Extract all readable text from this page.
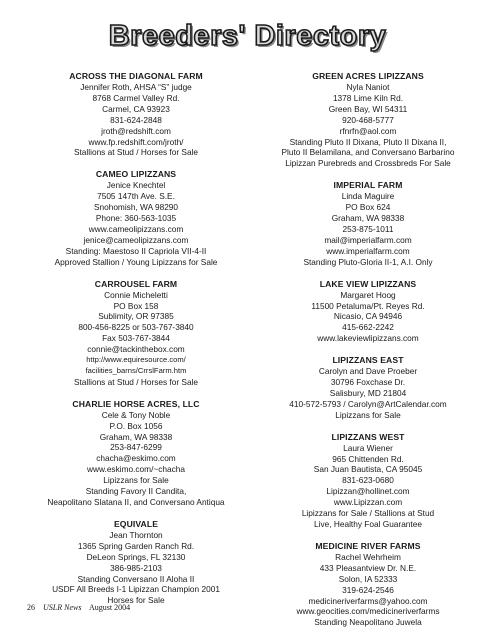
Breeders' Directory
ACROSS THE DIAGONAL FARM
Jennifer Roth, AHSA “S” judge
8768 Carmel Valley Rd.
Carmel, CA 93923
831-624-2848
jroth@redshift.com
www.fp.redshift.com/jroth/
Stallions at Stud / Horses for Sale
CAMEO LIPIZZANS
Jenice Knechtel
7505 147th Ave. S.E.
Snohomish, WA 98290
Phone: 360-563-1035
www.cameolipizzans.com
jenice@cameolipizzans.com
Standing: Maestoso II Capriola VII-4-II
Approved Stallion / Young Lipizzans for Sale
CARROUSEL FARM
Connie Micheletti
PO Box 158
Sublimity, OR 97385
800-456-8225 or 503-767-3840
Fax 503-767-3844
connie@tackinthebox.com
http://www.equiresource.com/
facilities_barns/CrrslFarm.htm
Stallions at Stud / Horses for Sale
CHARLIE HORSE ACRES, LLC
Cele & Tony Noble
P.O. Box 1056
Graham, WA 98338
253-847-6299
chacha@eskimo.com
www.eskimo.com/~chacha
Lipizzans for Sale
Standing Favory II Candita,
Neapolitano Slatana II, and Conversano Antiqua
EQUIVALE
Jean Thornton
1365 Spring Garden Ranch Rd.
DeLeon Springs, FL 32130
386-985-2103
Standing Conversano II Aloha II
USDF All Breeds I-1 Lipizzan Champion 2001
Horses for Sale
GREEN ACRES LIPIZZANS
Nyla Naniot
1378 Lime Kiln Rd.
Green Bay, WI 54311
920-468-5777
rfnrfn@aol.com
Standing Pluto II Dixana, Pluto II Dixana II,
Pluto II Belamilana, and Conversano Barbarino
Lipizzan Purebreds and Crossbreds For Sale
IMPERIAL FARM
Linda Maguire
PO Box 624
Graham, WA 98338
253-875-1011
mail@imperialfarm.com
www.imperialfarm.com
Standing Pluto-Gloria II-1, A.I. Only
LAKE VIEW LIPIZZANS
Margaret Hoog
11500 Petaluma/Pt. Reyes Rd.
Nicasio, CA 94946
415-662-2242
www.lakeviewlipizzans.com
LIPIZZANS EAST
Carolyn and Dave Proeber
30796 Foxchase Dr.
Salisbury, MD 21804
410-572-5793 / Carolyn@ArtCalendar.com
Lipizzans for Sale
LIPIZZANS WEST
Laura Wiener
965 Chittenden Rd.
San Juan Bautista, CA 95045
831-623-0680
Lipizzan@hollinet.com
www.Lipizzan.com
Lipizzans for Sale / Stallions at Stud
Live, Healthy Foal Guarantee
MEDICINE RIVER FARMS
Rachel Wehrheim
433 Pleasantview Dr. N.E.
Solon, IA 52333
319-624-2546
medicineriverfarms@yahoo.com
www.geocities.com/medicineriverfarms
Standing Neapolitano Juwela
26 USLR News August 2004
